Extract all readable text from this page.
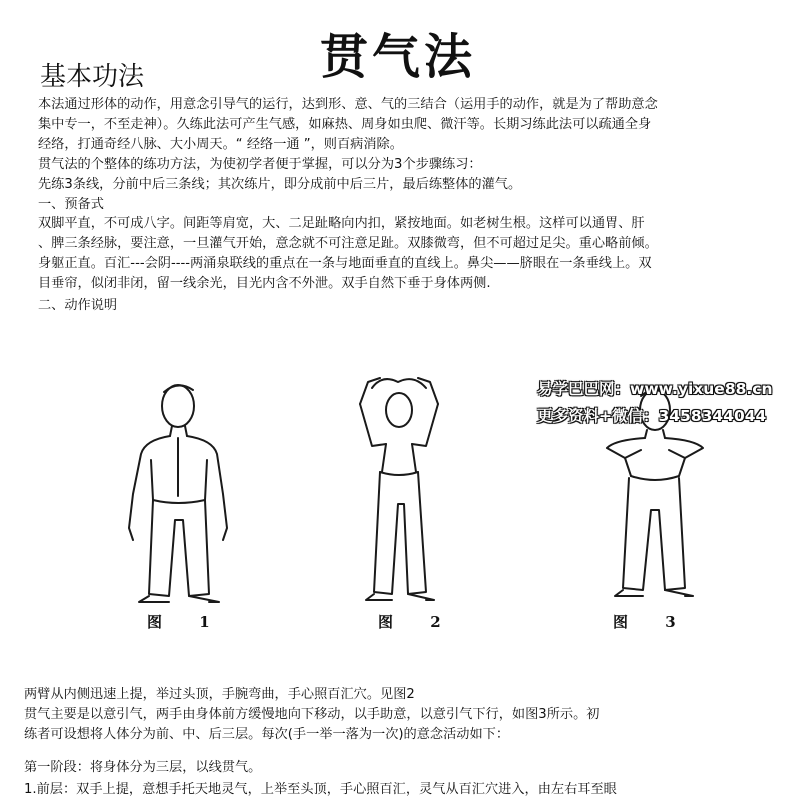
贯气法
基本功法
本法通过形体的动作，用意念引导气的运行，达到形、意、气的三结合（运用手的动作，就是为了帮助意念
集中专一，不至走神）。久练此法可产生气感，如麻热、周身如虫爬、微汗等。长期习练此法可以疏通全身
经络，打通奇经八脉、大小周天。“ 经络一通 ”，则百病消除。
贯气法的个整体的练功方法，为使初学者便于掌握，可以分为3个步骤练习：
先练3条线，分前中后三条线；其次练片，即分成前中后三片，最后练整体的灌气。
一、预备式
双脚平直，不可成八字。间距等肩宽，大、二足趾略向内扣，紧按地面。如老树生根。这样可以通胃、肝
、脾三条经脉，要注意，一旦灌气开始，意念就不可注意足趾。双膝微弯，但不可超过足尖。重心略前倾。
身躯正直。百汇---会阴----两涌泉联线的重点在一条与地面垂直的直线上。鼻尖——脐眼在一条垂线上。双
目垂帘，似闭非闭，留一线余光，目光内含不外泄。双手自然下垂于身体两侧.
二、动作说明
图 1	图 2	图 3
易学巴巴网：www.yixue88.cn
更多资料+微信：3458344044
两臂从内侧迅速上提，举过头顶，手腕弯曲，手心照百汇穴。见图2
贯气主要是以意引气，两手由身体前方缓慢地向下移动，以手助意，以意引气下行，如图3所示。初
练者可设想将人体分为前、中、后三层。每次(手一举一落为一次)的意念活动如下：
第一阶段：将身体分为三层，以线贯气。
1.前层：双手上提，意想手托天地灵气，上举至头顶，手心照百汇，灵气从百汇穴进入，由左右耳至眼
